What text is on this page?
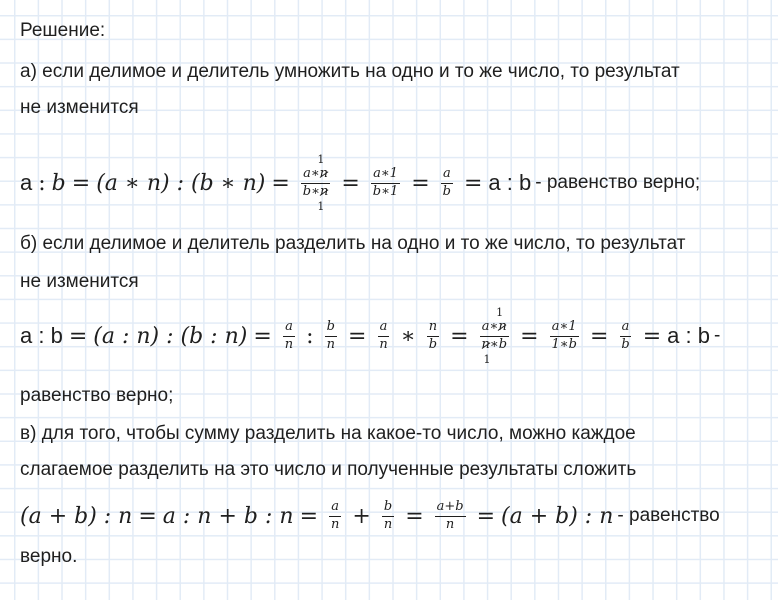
Решение:
а) если делимое и делитель умножить на одно и то же число, то результат
не изменится
a : b = (a ∗ n) : (b ∗ n) =
1
a∗n
b∗n
1
= $\frac{a∗1}{b∗1} = \frac{a}{b} = a$ : b - равенство верно;
б) если делимое и делитель разделить на одно и то же число, то результат
не изменится
a : b = (a : n) : (b : $n) = \frac{a}{n}$ : $\frac{b}{n} = \frac{a}{n}$ ∗ $\frac{n}{b}$ =
1
a∗n
n∗b
1
= $\frac{a∗1}{1∗b} = \frac{a}{b} = a$ : b -
равенство верно;
в) для того, чтобы сумму разделить на какое-то число, можно каждое
слагаемое разделить на это число и полученные результаты сложить
(a + b) : n = a : n + b : $n = \frac{a}{n} + \frac{b}{n} = \frac{a+b}{n} = (a + b)$ : n - равенство
верно.
